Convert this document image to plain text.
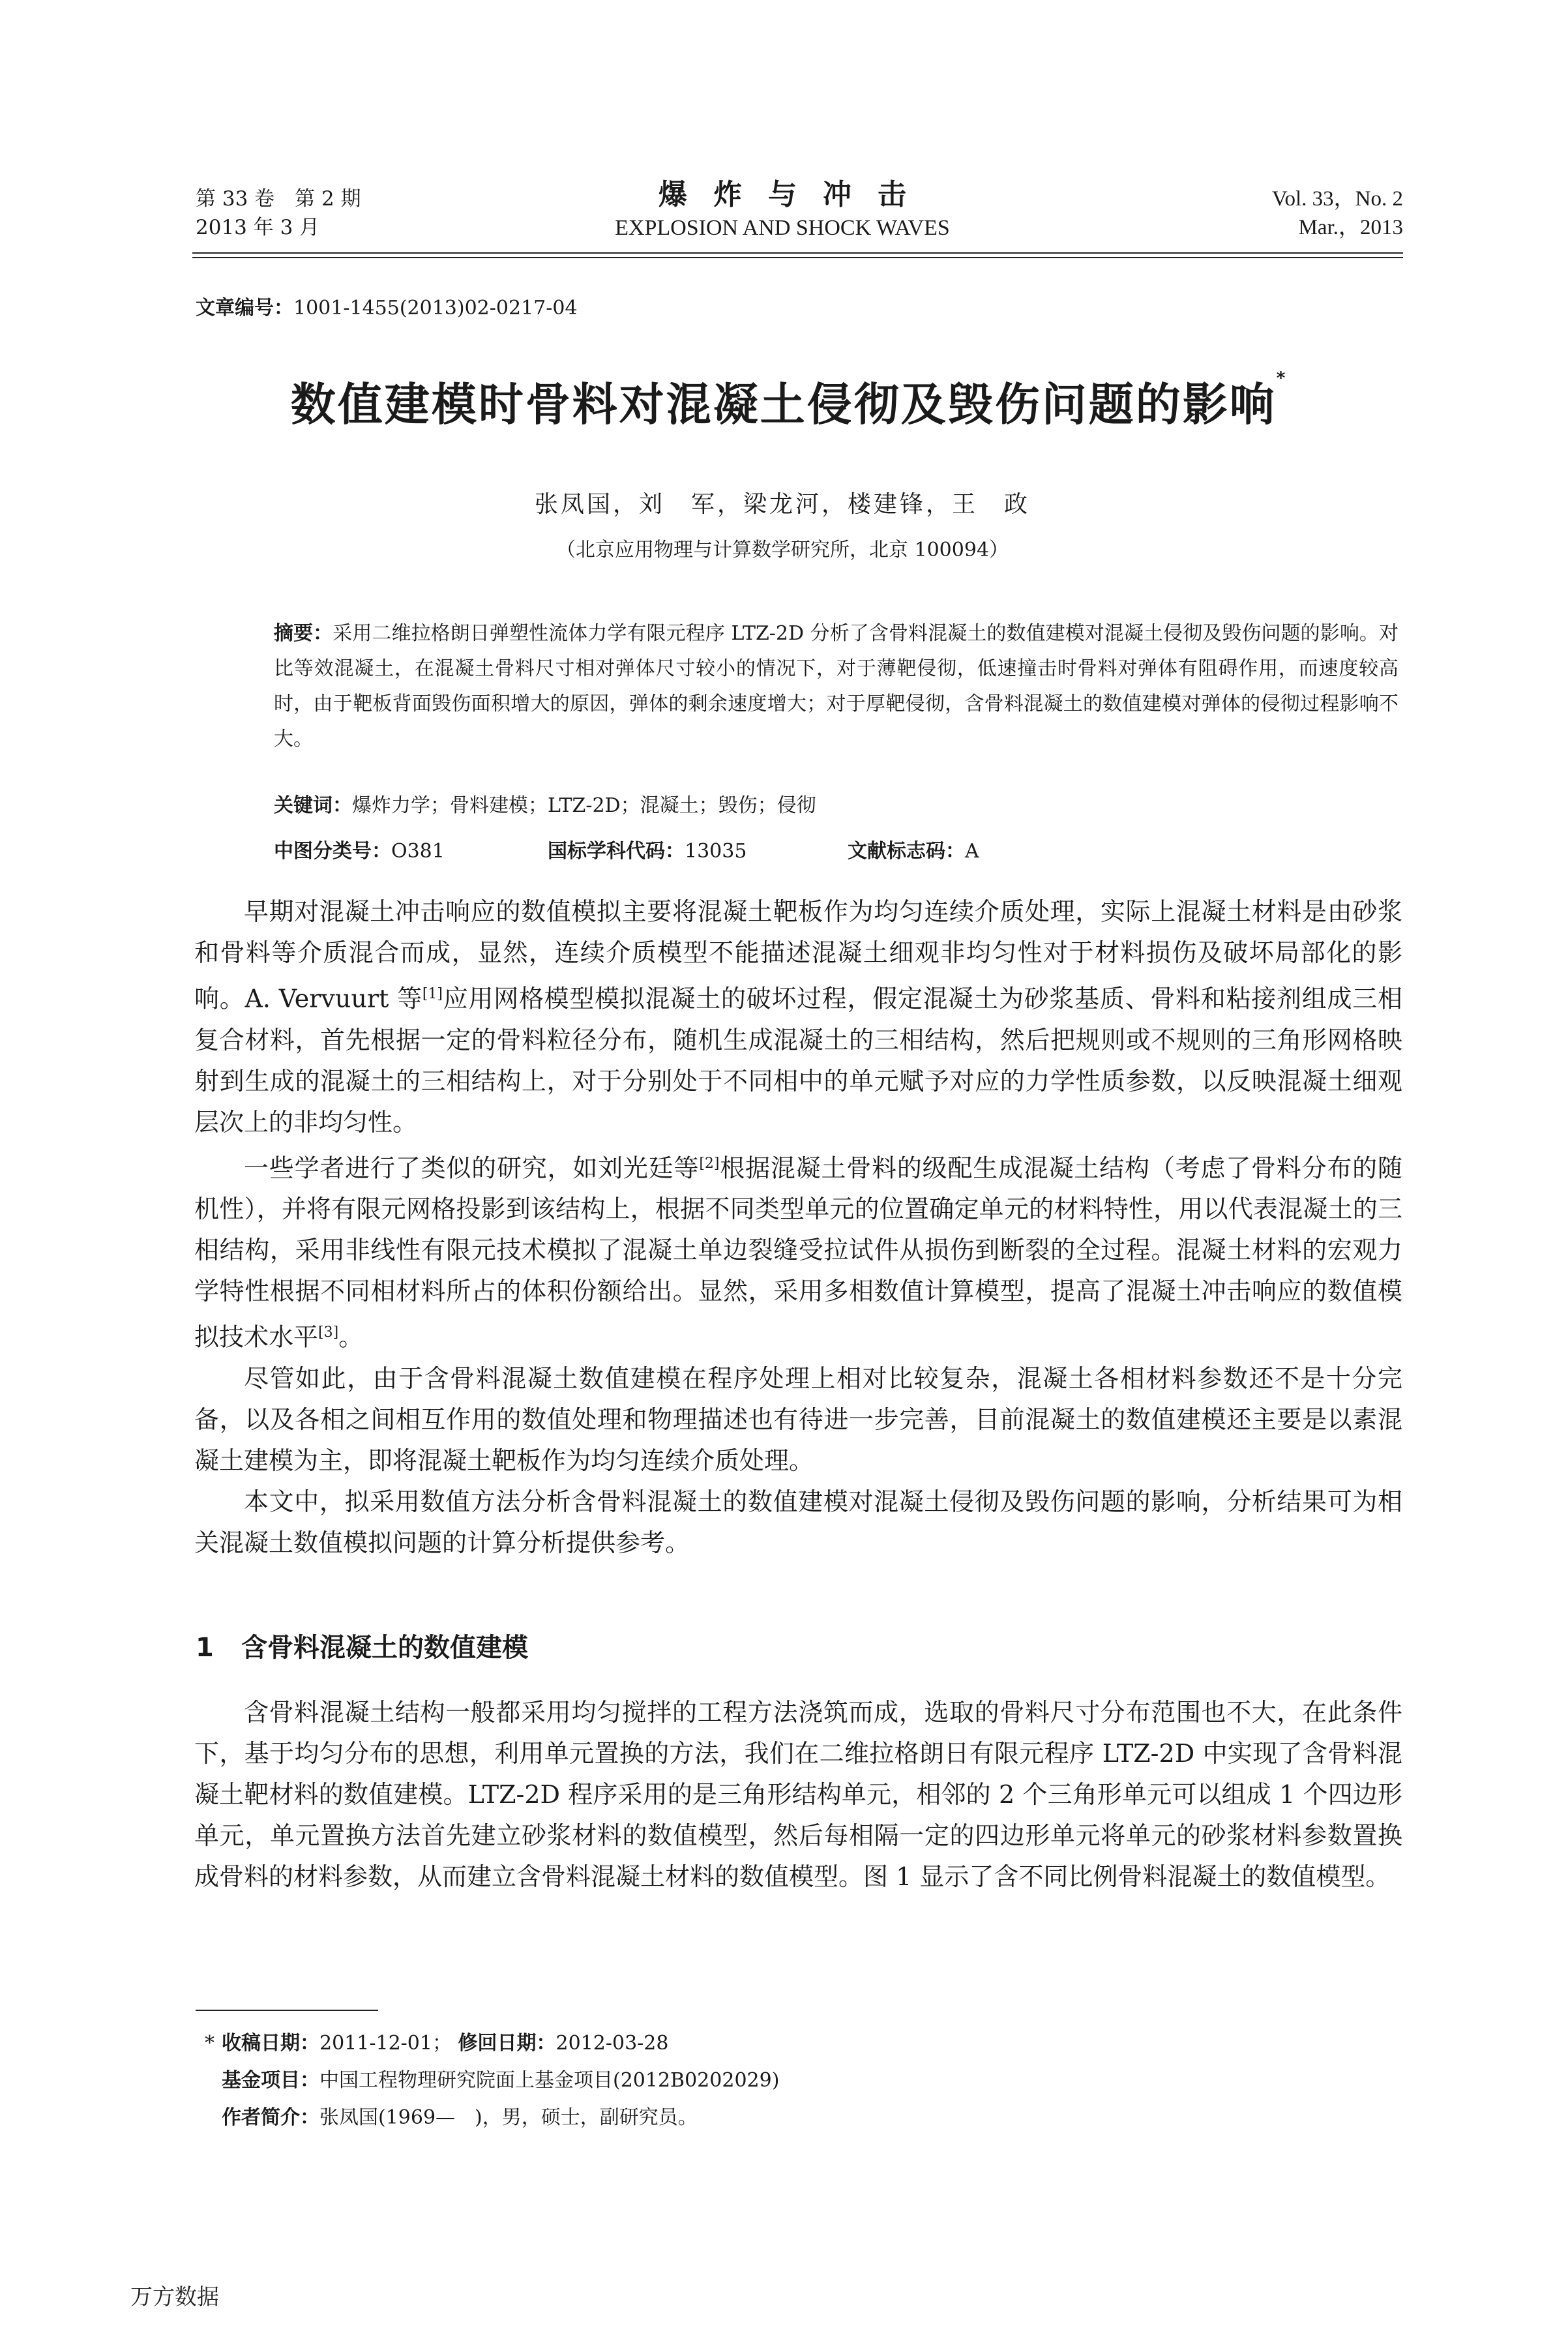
第 33 卷　第 2 期
2013 年 3 月
爆炸与冲击
EXPLOSION AND SHOCK WAVES
Vol. 33，No. 2
Mar.，2013
文章编号：1001-1455(2013)02-0217-04
数值建模时骨料对混凝土侵彻及毁伤问题的影响*
张凤国，刘　军，梁龙河，楼建锋，王　政
（北京应用物理与计算数学研究所，北京 100094）
摘要：采用二维拉格朗日弹塑性流体力学有限元程序 LTZ-2D 分析了含骨料混凝土的数值建模对混凝土侵彻及毁伤问题的影响。对比等效混凝土，在混凝土骨料尺寸相对弹体尺寸较小的情况下，对于薄靶侵彻，低速撞击时骨料对弹体有阻碍作用，而速度较高时，由于靶板背面毁伤面积增大的原因，弹体的剩余速度增大；对于厚靶侵彻，含骨料混凝土的数值建模对弹体的侵彻过程影响不大。
关键词：爆炸力学；骨料建模；LTZ-2D；混凝土；毁伤；侵彻
中图分类号：O381	国标学科代码：13035	文献标志码：A

早期对混凝土冲击响应的数值模拟主要将混凝土靶板作为均匀连续介质处理，实际上混凝土材料是由砂浆和骨料等介质混合而成，显然，连续介质模型不能描述混凝土细观非均匀性对于材料损伤及破坏局部化的影响。A. Vervuurt 等[1]应用网格模型模拟混凝土的破坏过程，假定混凝土为砂浆基质、骨料和粘接剂组成三相复合材料，首先根据一定的骨料粒径分布，随机生成混凝土的三相结构，然后把规则或不规则的三角形网格映射到生成的混凝土的三相结构上，对于分别处于不同相中的单元赋予对应的力学性质参数，以反映混凝土细观层次上的非均匀性。

一些学者进行了类似的研究，如刘光廷等[2]根据混凝土骨料的级配生成混凝土结构（考虑了骨料分布的随机性），并将有限元网格投影到该结构上，根据不同类型单元的位置确定单元的材料特性，用以代表混凝土的三相结构，采用非线性有限元技术模拟了混凝土单边裂缝受拉试件从损伤到断裂的全过程。混凝土材料的宏观力学特性根据不同相材料所占的体积份额给出。显然，采用多相数值计算模型，提高了混凝土冲击响应的数值模拟技术水平[3]。

尽管如此，由于含骨料混凝土数值建模在程序处理上相对比较复杂，混凝土各相材料参数还不是十分完备，以及各相之间相互作用的数值处理和物理描述也有待进一步完善，目前混凝土的数值建模还主要是以素混凝土建模为主，即将混凝土靶板作为均匀连续介质处理。

本文中，拟采用数值方法分析含骨料混凝土的数值建模对混凝土侵彻及毁伤问题的影响，分析结果可为相关混凝土数值模拟问题的计算分析提供参考。

1 含骨料混凝土的数值建模

含骨料混凝土结构一般都采用均匀搅拌的工程方法浇筑而成，选取的骨料尺寸分布范围也不大，在此条件下，基于均匀分布的思想，利用单元置换的方法，我们在二维拉格朗日有限元程序 LTZ-2D 中实现了含骨料混凝土靶材料的数值建模。LTZ-2D 程序采用的是三角形结构单元，相邻的 2 个三角形单元可以组成 1 个四边形单元，单元置换方法首先建立砂浆材料的数值模型，然后每相隔一定的四边形单元将单元的砂浆材料参数置换成骨料的材料参数，从而建立含骨料混凝土材料的数值模型。图 1 显示了含不同比例骨料混凝土的数值模型。

* 收稿日期：2011-12-01； 修回日期：2012-03-28
基金项目：中国工程物理研究院面上基金项目(2012B0202029)
作者简介：张凤国(1969—　)，男，硕士，副研究员。
万方数据
